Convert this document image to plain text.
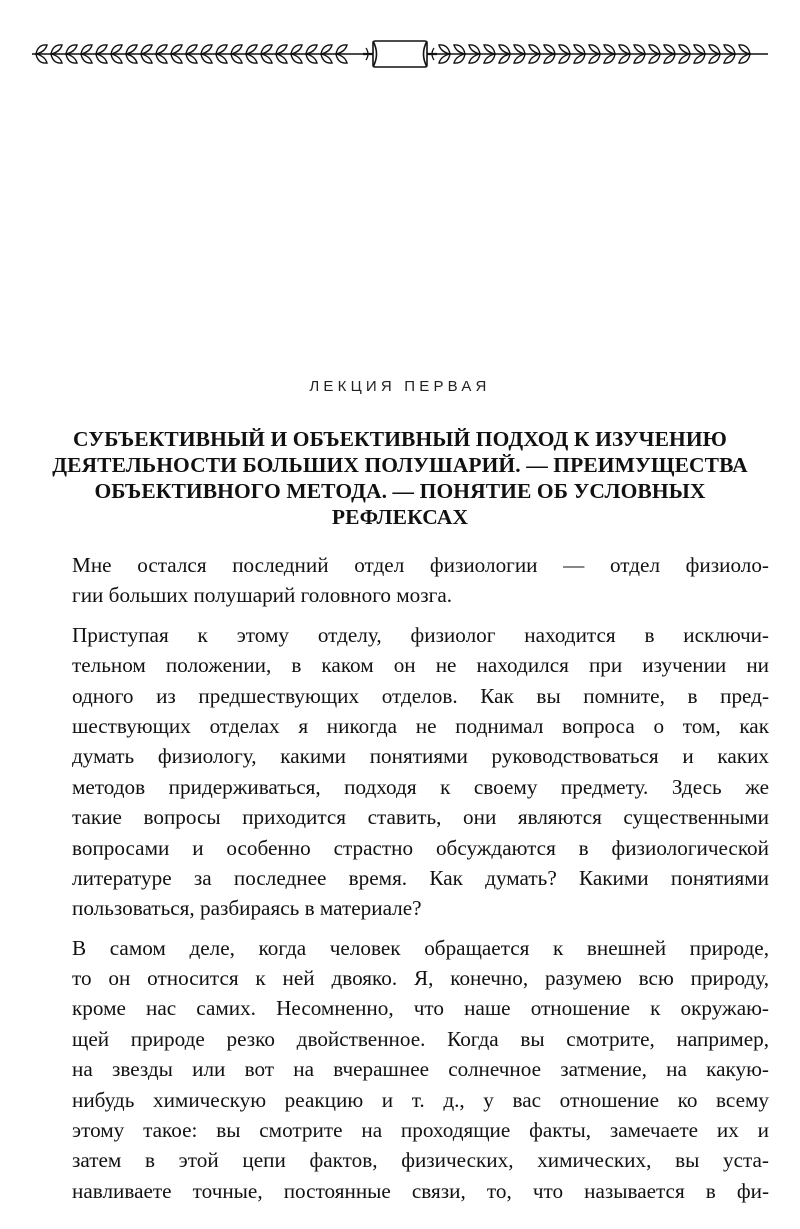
ЛЕКЦИЯ ПЕРВАЯ
СУБЪЕКТИВНЫЙ И ОБЪЕКТИВНЫЙ ПОДХОД К ИЗУЧЕНИЮ
ДЕЯТЕЛЬНОСТИ БОЛЬШИХ ПОЛУШАРИЙ. — ПРЕИМУЩЕСТВА
ОБЪЕКТИВНОГО МЕТОДА. — ПОНЯТИЕ ОБ УСЛОВНЫХ
РЕФЛЕКСАХ

Мне остался последний отдел физиологии — отдел физиоло-
гии больших полушарий головного мозга.

Приступая к этому отделу, физиолог находится в исключи-
тельном положении, в каком он не находился при изучении ни
одного из предшествующих отделов. Как вы помните, в пред-
шествующих отделах я никогда не поднимал вопроса о том, как
думать физиологу, какими понятиями руководствоваться и каких
методов придерживаться, подходя к своему предмету. Здесь же
такие вопросы приходится ставить, они являются существенными
вопросами и особенно страстно обсуждаются в физиологической
литературе за последнее время. Как думать? Какими понятиями
пользоваться, разбираясь в материале?

В самом деле, когда человек обращается к внешней природе,
то он относится к ней двояко. Я, конечно, разумею всю природу,
кроме нас самих. Несомненно, что наше отношение к окружаю-
щей природе резко двойственное. Когда вы смотрите, например,
на звезды или вот на вчерашнее солнечное затмение, на какую-
нибудь химическую реакцию и т. д., у вас отношение ко всему
этому такое: вы смотрите на проходящие факты, замечаете их и
затем в этой цепи фактов, физических, химических, вы уста-
навливаете точные, постоянные связи, то, что называется в фи-
